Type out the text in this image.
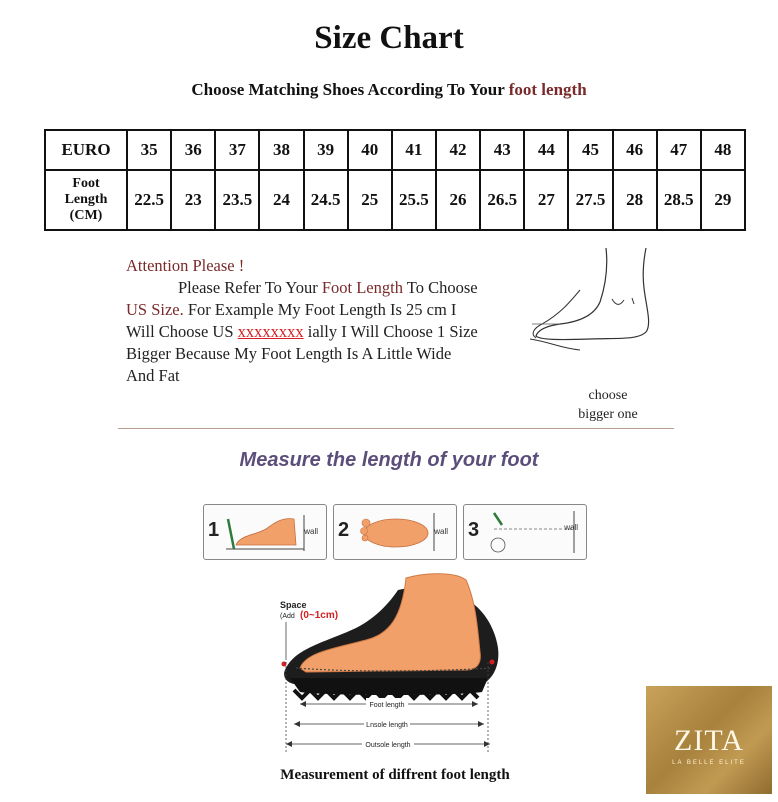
Size Chart
Choose Matching Shoes According To Your foot length
EURO	35	36	37	38	39	40	41	42	43	44	45	46	47	48

Foot
Length
(CM)	22.5	23	23.5	24	24.5	25	25.5	26	26.5	27	27.5	28	28.5	29
Attention Please !
Please Refer To Your Foot Length To Choose
US Size. For Example My Foot Length Is 25 cm I
Will Choose US xxxxxxxx ially I Will Choose 1 Size
Bigger Because My Foot Length Is A Little Wide
And Fat
choose
bigger one
Measure the length of your foot
1	wall 2	wall 3	wall
Space
(Add (0~1cm)
Foot length
Lnsole length
Outsole length
Measurement of diffrent foot length
ZITA
LA BELLE ELITE
